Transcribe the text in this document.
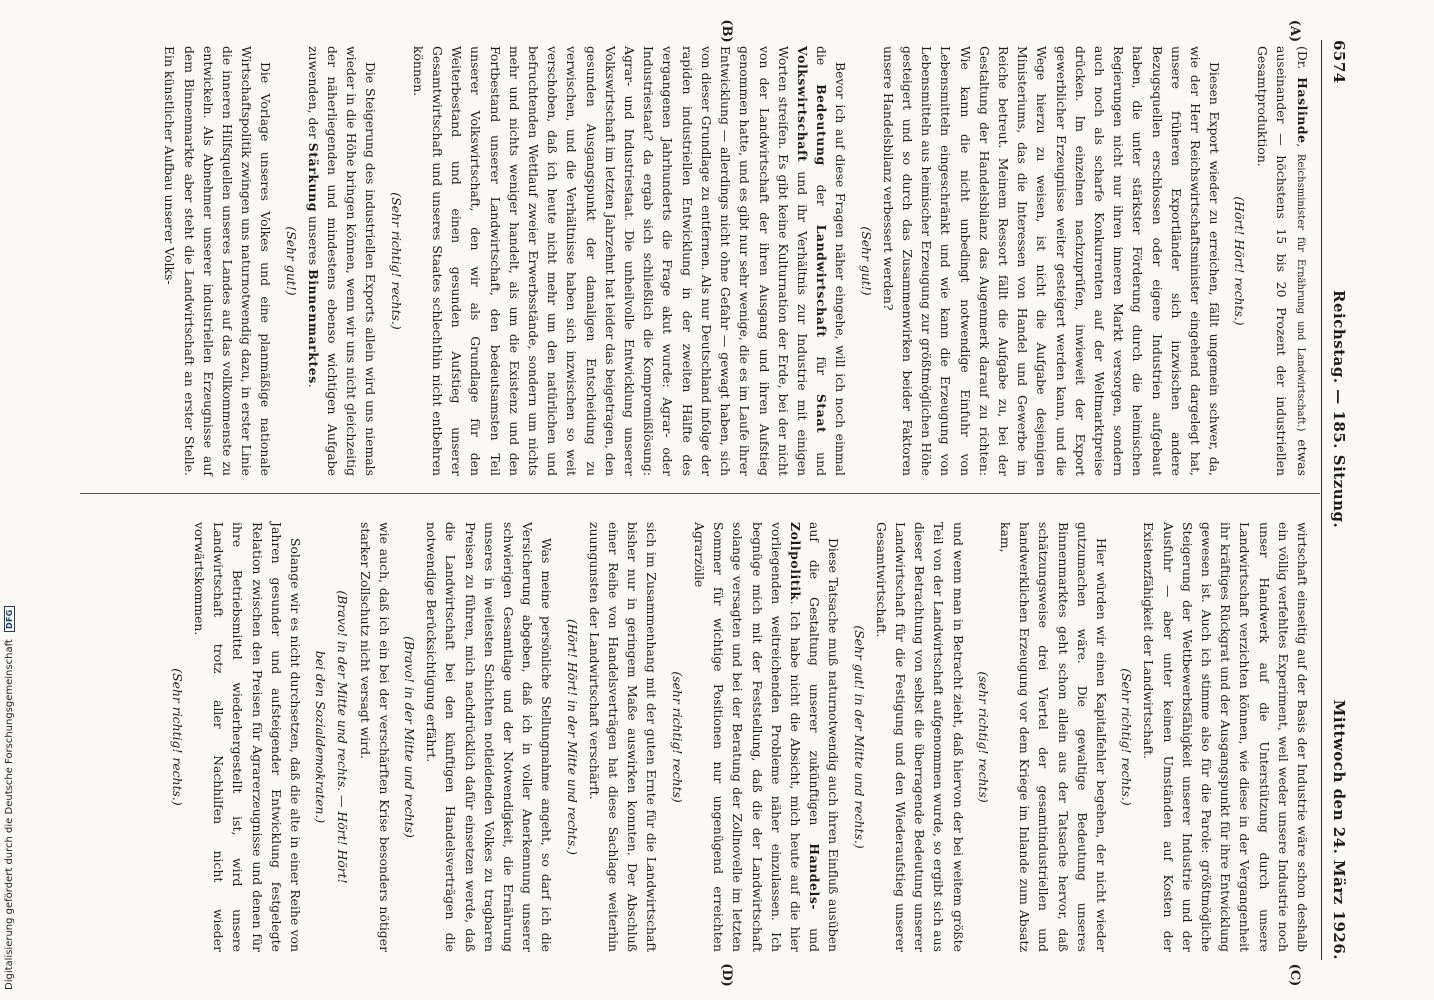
6574
Reichstag. — 185. Sitzung.
Mittwoch den 24. März 1926.
(A)
(B)
(C)
(D)

(Dr. Haslinde, Reichsminister für Ernährung und Landwirtschaft.) etwas auseinander — höchstens 15 bis 20 Prozent der industriellen Gesamtproduktion.

(Hört! Hört! rechts.)

Diesen Export wieder zu erreichen, fällt ungemein schwer, da, wie der Herr Reichswirtschaftsminister eingehend dargelegt hat, unsere früheren Exportländer sich inzwischen andere Bezugsquellen erschlossen oder eigene Industrien aufgebaut haben, die unter stärkster Förderung durch die heimischen Regierungen nicht nur ihren inneren Markt versorgen, sondern auch noch als scharfe Konkurrenten auf der Weltmarktpreise drücken. Im einzelnen nachzuprüfen, inwieweit der Export gewerblicher Erzeugnisse weiter gesteigert werden kann, und die Wege hierzu zu weisen, ist nicht die Aufgabe desjenigen Ministeriums, das die Interessen von Handel und Gewerbe im Reiche betreut. Meinem Ressort fällt die Aufgabe zu, bei der Gestaltung der Handelsbilanz das Augenmerk darauf zu richten: Wie kann die nicht unbedingt notwendige Einfuhr von Lebensmitteln eingeschränkt und wie kann die Erzeugung von Lebensmitteln aus heimischer Erzeugung zur größtmöglichen Höhe gesteigert und so durch das Zusammenwirken beider Faktoren unsere Handelsbilanz verbessert werden?

(Sehr gut!)

Bevor ich auf diese Fragen näher eingehe, will ich noch einmal die Bedeutung der Landwirtschaft für Staat und Volkswirtschaft und ihr Verhältnis zur Industrie mit einigen Worten streifen. Es gibt keine Kulturnation der Erde, bei der nicht von der Landwirtschaft der ihren Ausgang und ihren Aufstieg genommen hatte, und es gibt nur sehr wenige, die es im Laufe ihrer Entwicklung — allerdings nicht ohne Gefahr — gewagt haben, sich von dieser Grundlage zu entfernen. Als nur Deutschland infolge der rapiden industriellen Entwicklung in der zweiten Hälfte des vergangenen Jahrhunderts die Frage akut wurde: Agrar- oder Industriestaat? da ergab sich schließlich die Kompromißlösung: Agrar- und Industriestaat. Die unheilvolle Entwicklung unserer Volkswirtschaft im letzten Jahrzehnt hat leider das beigetragen, den gesunden Ausgangspunkt der damaligen Entscheidung zu verwischen, und die Verhältnisse haben sich inzwischen so weit verschoben, daß ich heute nicht mehr um den natürlichen und befruchtenden Wettlauf zweier Erwerbsstände, sondern um nichts mehr und nichts weniger handelt, als um die Existenz und den Fortbestand unserer Landwirtschaft, den bedeutsamsten Teil unserer Volkswirtschaft, den wir als Grundlage für den Weiterbestand und einen gesunden Aufstieg unserer Gesamtwirtschaft und unseres Staates schlechthin nicht entbehren können.

(Sehr richtig! rechts.)

Die Steigerung des industriellen Exports allein wird uns niemals wieder in die Höhe bringen können, wenn wir uns nicht gleichzeitig der näherliegenden und mindestens ebenso wichtigen Aufgabe zuwenden, der Stärkung unseres Binnenmarktes.

(Sehr gut!)

Die Vorlage unseres Volkes und eine planmäßige nationale Wirtschaftspolitik zwingen uns naturnotwendig dazu, in erster Linie die inneren Hilfsquellen unseres Landes auf das vollkommenste zu entwickeln. Als Abnehmer unserer industriellen Erzeugnisse auf dem Binnenmarkte aber steht die Landwirtschaft an erster Stelle. Ein künstlicher Aufbau unserer Volks-

wirtschaft einseitig auf der Basis der Industrie wäre schon deshalb ein völlig verfehltes Experiment, weil weder unsere Industrie noch unser Handwerk auf die Unterstützung durch unsere Landwirtschaft verzichten können, wie diese in der Vergangenheit ihr kräftiges Rückgrat und der Ausgangspunkt für ihre Entwicklung gewesen ist. Auch ich stimme also für die Parole: größtmögliche Steigerung der Wettbewerbsfähigkeit unserer Industrie und der Ausfuhr — aber unter keinen Umständen auf Kosten der Existenzfähigkeit der Landwirtschaft.

(Sehr richtig! rechts.)

Hier würden wir einen Kapitalfehler begehen, der nicht wieder gutzumachen wäre. Die gewaltige Bedeutung unseres Binnenmarktes geht schon allein aus der Tatsache hervor, daß schätzungsweise drei Viertel der gesamtindustriellen und handwerklichen Erzeugung vor dem Kriege im Inlande zum Absatz kam,

(sehr richtig! rechts)

und wenn man in Betracht zieht, daß hiervon der bei weitem größte Teil von der Landwirtschaft aufgenommen wurde, so ergibt sich aus dieser Betrachtung von selbst die überragende Bedeutung unserer Landwirtschaft für die Festigung und den Wiederaufstieg unserer Gesamtwirtschaft.

(Sehr gut! in der Mitte und rechts.)

Diese Tatsache muß naturnotwendig auch ihren Einfluß ausüben auf die Gestaltung unserer zukünftigen Handels- und Zollpolitik. Ich habe nicht die Absicht, mich heute auf die hier vorliegenden weitreichenden Probleme näher einzulassen. Ich begnüge mich mit der Feststellung, daß die der Landwirtschaft solange versagten und bei der Beratung der Zollnovelle im letzten Sommer für wichtige Positionen nur ungenügend erreichten Agrarzölle

(sehr richtig! rechts)

sich im Zusammenhang mit der guten Ernte für die Landwirtschaft bisher nur in geringem Maße auswirken konnten. Der Abschluß einer Reihe von Handelsverträgen hat diese Sachlage weiterhin zuungunsten der Landwirtschaft verschärft.

(Hört! Hört! in der Mitte und rechts.)

Was meine persönliche Stellungnahme angeht, so darf ich die Versicherung abgeben, daß ich in voller Anerkennung unserer schwierigen Gesamtlage und der Notwendigkeit, die Ernährung unseres in weitesten Schichten notleidenden Volkes zu tragbaren Preisen zu führen, mich nachdrücklich dafür einsetzen werde, daß die Landwirtschaft bei den künftigen Handelsverträgen die notwendige Berücksichtigung erfährt.

(Bravo! in der Mitte und rechts)

wie auch, daß ich ein bei der verschärften Krise besonders nötiger starker Zollschutz nicht versagt wird.

(Bravo! in der Mitte und rechts. — Hört! Hört!

bei den Sozialdemokraten.)

Solange wir es nicht durchsetzen, daß die alte in einer Reihe von Jahren gesunder und aufsteigender Entwicklung festgelegte Relation zwischen den Preisen für Agrarerzeugnisse und denen für ihre Betriebsmittel wiederhergestellt ist, wird unsere Landwirtschaft trotz aller Nachhilfen nicht wieder vorwärtskommen.

(Sehr richtig! rechts.)

Digitalisierung gefördert durch die Deutsche Forschungsgemeinschaft DFG
